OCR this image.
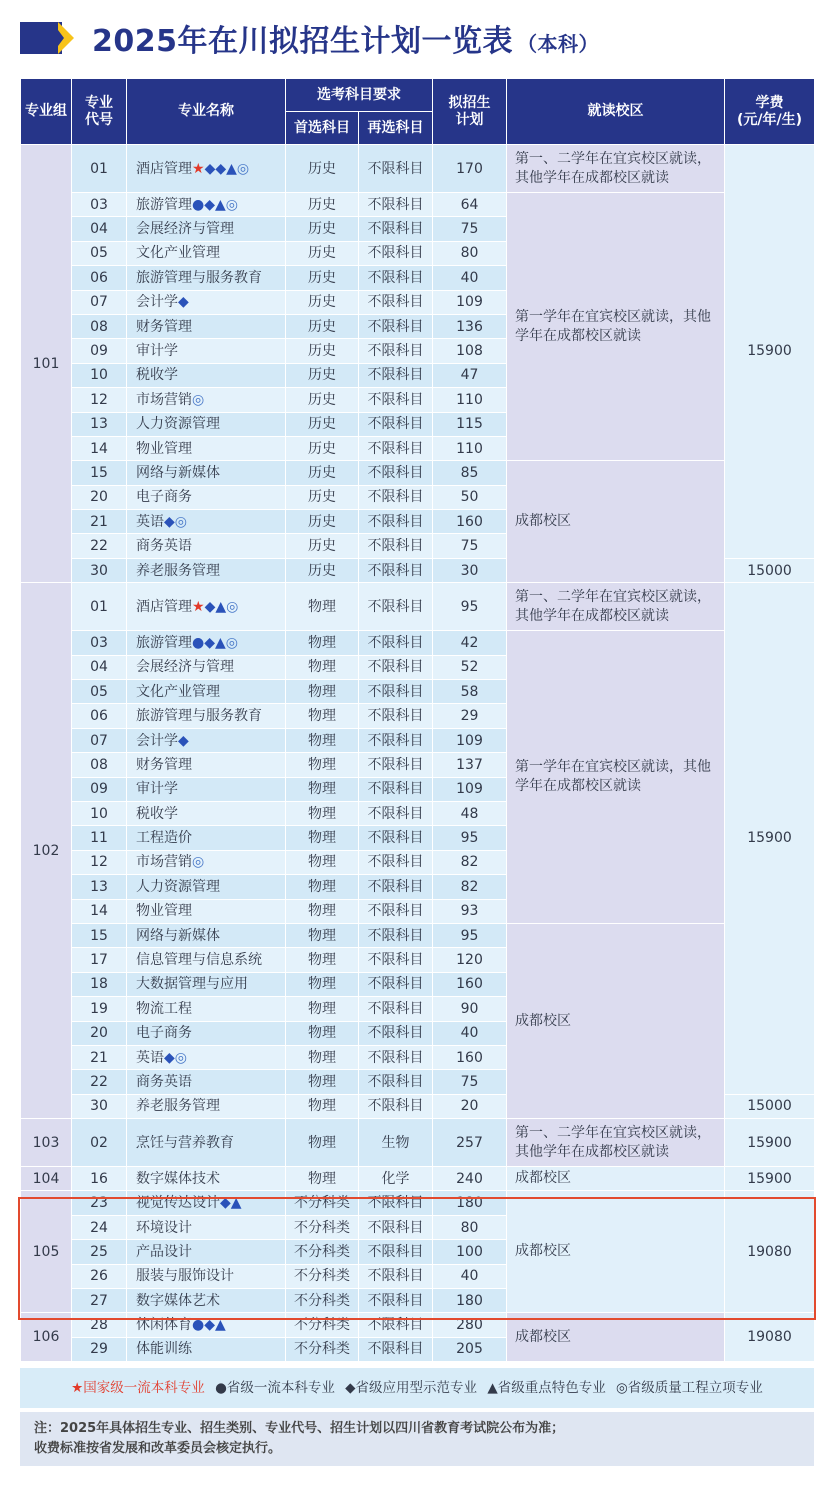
2025年在川拟招生计划一览表 （本科）
专业组	专业
代号	专业名称	选考科目要求		拟招生
计划	就读校区	学费
(元/年/生)
			首选科目	再选科目			
101	01	酒店管理★◆◆▲◎	历史	不限科目	170	第一、二学年在宜宾校区就读，其他学年在成都校区就读	15900
	03	旅游管理●◆▲◎	历史	不限科目	64	第一学年在宜宾校区就读，其他学年在成都校区就读	
	04	会展经济与管理	历史	不限科目	75		
	05	文化产业管理	历史	不限科目	80		
	06	旅游管理与服务教育	历史	不限科目	40		
	07	会计学◆	历史	不限科目	109		
	08	财务管理	历史	不限科目	136		
	09	审计学	历史	不限科目	108		
	10	税收学	历史	不限科目	47		
	12	市场营销◎	历史	不限科目	110		
	13	人力资源管理	历史	不限科目	115		
	14	物业管理	历史	不限科目	110		
	15	网络与新媒体	历史	不限科目	85	成都校区	
	20	电子商务	历史	不限科目	50		
	21	英语◆◎	历史	不限科目	160		
	22	商务英语	历史	不限科目	75		
	30	养老服务管理	历史	不限科目	30		15000
102	01	酒店管理★◆▲◎	物理	不限科目	95	第一、二学年在宜宾校区就读，其他学年在成都校区就读	15900
	03	旅游管理●◆▲◎	物理	不限科目	42	第一学年在宜宾校区就读，其他学年在成都校区就读	
	04	会展经济与管理	物理	不限科目	52		
	05	文化产业管理	物理	不限科目	58		
	06	旅游管理与服务教育	物理	不限科目	29		
	07	会计学◆	物理	不限科目	109		
	08	财务管理	物理	不限科目	137		
	09	审计学	物理	不限科目	109		
	10	税收学	物理	不限科目	48		
	11	工程造价	物理	不限科目	95		
	12	市场营销◎	物理	不限科目	82		
	13	人力资源管理	物理	不限科目	82		
	14	物业管理	物理	不限科目	93		
	15	网络与新媒体	物理	不限科目	95	成都校区	
	17	信息管理与信息系统	物理	不限科目	120		
	18	大数据管理与应用	物理	不限科目	160		
	19	物流工程	物理	不限科目	90		
	20	电子商务	物理	不限科目	40		
	21	英语◆◎	物理	不限科目	160		
	22	商务英语	物理	不限科目	75		
	30	养老服务管理	物理	不限科目	20		15000
103	02	烹饪与营养教育	物理	生物	257	第一、二学年在宜宾校区就读，其他学年在成都校区就读	15900
104	16	数字媒体技术	物理	化学	240	成都校区	15900
105	23	视觉传达设计◆▲	不分科类	不限科目	180	成都校区	19080
	24	环境设计	不分科类	不限科目	80		
	25	产品设计	不分科类	不限科目	100		
	26	服装与服饰设计	不分科类	不限科目	40		
	27	数字媒体艺术	不分科类	不限科目	180		
106	28	休闲体育●◆▲	不分科类	不限科目	280	成都校区	19080
	29	体能训练	不分科类	不限科目	205		
★国家级一流本科专业 ●省级一流本科专业 ◆省级应用型示范专业 ▲省级重点特色专业 ◎省级质量工程立项专业
注：2025年具体招生专业、招生类别、专业代号、招生计划以四川省教育考试院公布为准；
收费标准按省发展和改革委员会核定执行。
